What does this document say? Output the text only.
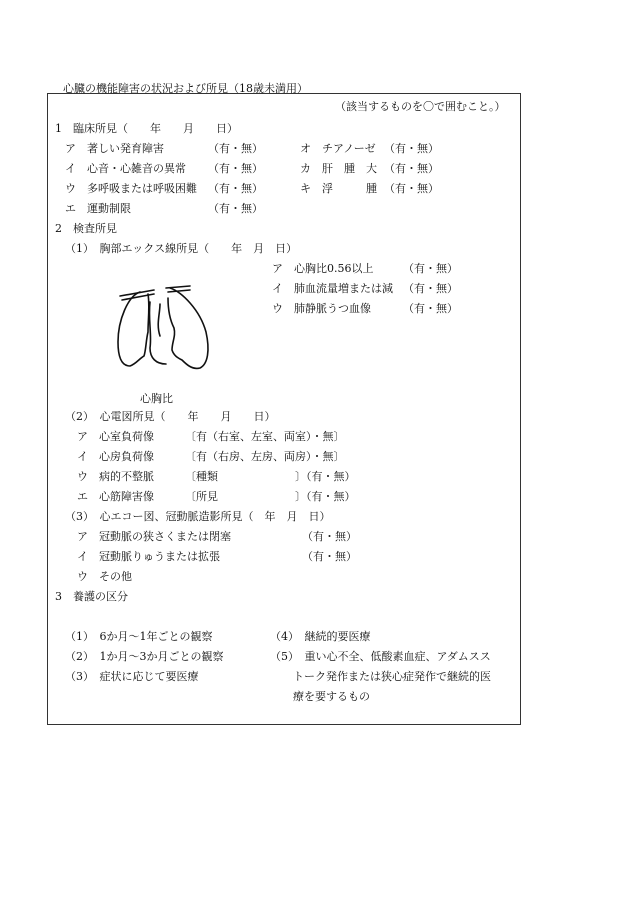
心臓の機能障害の状況および所見（18歳未満用）
（該当するものを〇で囲むこと。）
1　臨床所見（　　年　　月　　日）
ア　著しい発育障害	（有・無）	オ　チアノーゼ （有・無）
イ　心音・心雑音の異常 （有・無）	カ　肝　腫　大 （有・無）
ウ　多呼吸または呼吸困難 （有・無）	キ　浮　　　腫 （有・無）
エ　運動制限	（有・無）
2　検査所見
（1）　胸部エックス線所見（　　年　月　日）
ア　心胸比0.56以上	（有・無）
イ　肺血流量増または減 （有・無）
ウ　肺静脈うつ血像	（有・無）
心胸比
（2）　心電図所見（　　年　　月　　日）
ア　心室負荷像	〔有（右室、左室、両室）・無〕
イ　心房負荷像	〔有（右房、左房、両房）・無〕
ウ　病的不整脈	〔種類　　　　　　　〕（有・無）
エ　心筋障害像	〔所見　　　　　　　〕（有・無）
（3）　心エコー図、冠動脈造影所見（　年　月　日）
ア　冠動脈の狭さくまたは閉塞	（有・無）
イ　冠動脈りゅうまたは拡張	（有・無）
ウ　その他
3　養護の区分
（1）　6か月～1年ごとの観察
（2）　1か月～3か月ごとの観察
（3）　症状に応じて要医療
（4）　継続的要医療
（5）　重い心不全、低酸素血症、アダムスス
トーク発作または狭心症発作で継続的医
療を要するもの
